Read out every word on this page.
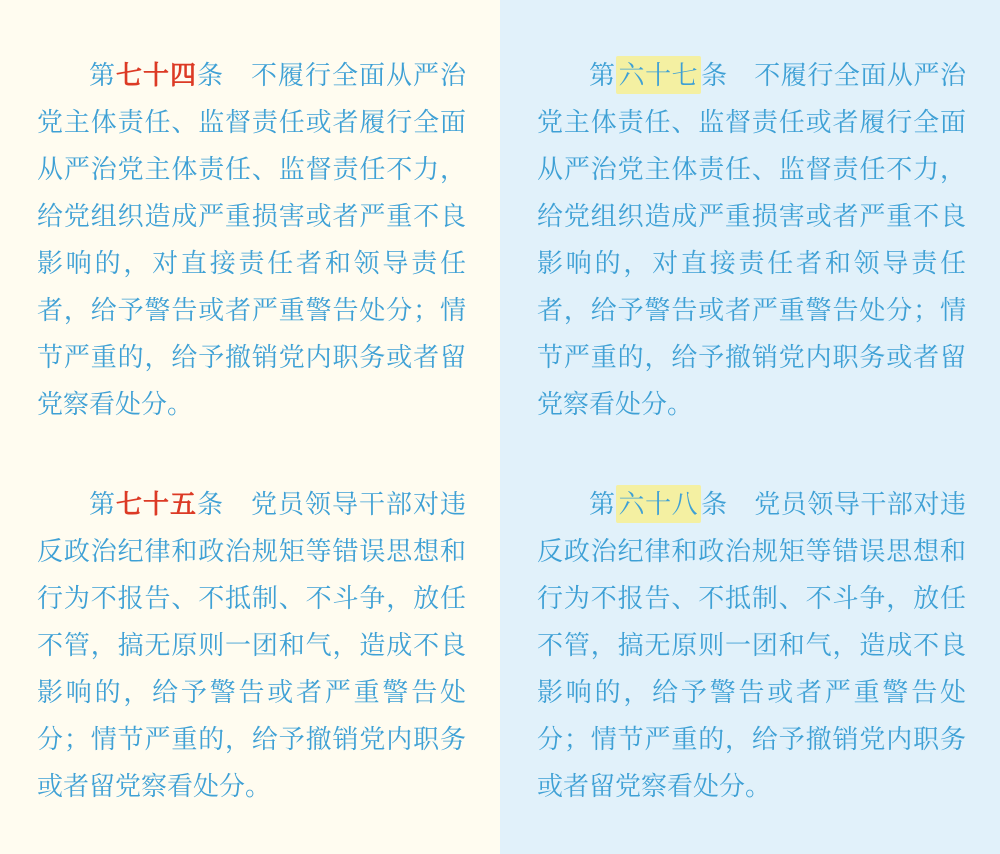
第七十四条　 不履行全面从严治党主体责任、监督责任或者履行全面从严治党主体责任、监督责任不力，给党组织造成严重损害或者严重不良影响的，对直接责任者和领导责任者，给予警告或者严重警告处分；情节严重的，给予撤销党内职务或者留党察看处分。

第七十五条　 党员领导干部对违反政治纪律和政治规矩等错误思想和行为不报告、不抵制、不斗争，放任不管，搞无原则一团和气，造成不良影响的，给予警告或者严重警告处分；情节严重的，给予撤销党内职务或者留党察看处分。

第 六十七 条　 不履行全面从严治党主体责任、监督责任或者履行全面从严治党主体责任、监督责任不力，给党组织造成严重损害或者严重不良影响的，对直接责任者和领导责任者，给予警告或者严重警告处分；情节严重的，给予撤销党内职务或者留党察看处分。

第 六十八 条　 党员领导干部对违反政治纪律和政治规矩等错误思想和行为不报告、不抵制、不斗争，放任不管，搞无原则一团和气，造成不良影响的，给予警告或者严重警告处分；情节严重的，给予撤销党内职务或者留党察看处分。
